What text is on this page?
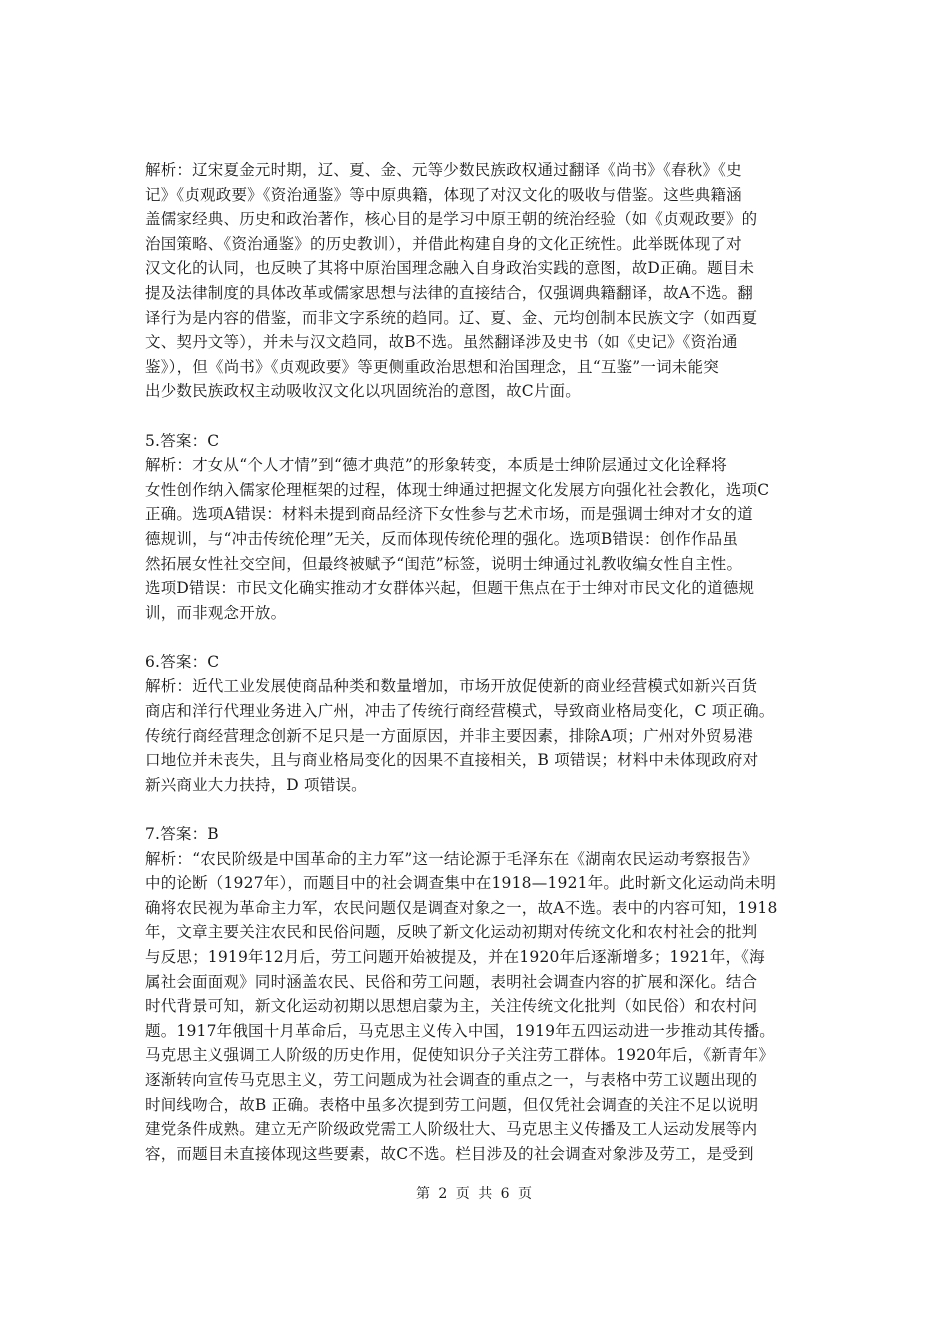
解析：辽宋夏金元时期，辽、夏、金、元等少数民族政权通过翻译《尚书》《春秋》《史
记》《贞观政要》《资治通鉴》等中原典籍，体现了对汉文化的吸收与借鉴。这些典籍涵
盖儒家经典、历史和政治著作，核心目的是学习中原王朝的统治经验（如《贞观政要》的
治国策略、《资治通鉴》的历史教训），并借此构建自身的文化正统性。此举既体现了对
汉文化的认同，也反映了其将中原治国理念融入自身政治实践的意图，故D正确。题目未
提及法律制度的具体改革或儒家思想与法律的直接结合，仅强调典籍翻译，故A不选。翻
译行为是内容的借鉴，而非文字系统的趋同。辽、夏、金、元均创制本民族文字（如西夏
文、契丹文等），并未与汉文趋同，故B不选。虽然翻译涉及史书（如《史记》《资治通
鉴》），但《尚书》《贞观政要》等更侧重政治思想和治国理念，且“互鉴”一词未能突
出少数民族政权主动吸收汉文化以巩固统治的意图，故C片面。
5.答案：C
解析：才女从“个人才情”到“德才典范”的形象转变，本质是士绅阶层通过文化诠释将
女性创作纳入儒家伦理框架的过程，体现士绅通过把握文化发展方向强化社会教化，选项C
正确。选项A错误：材料未提到商品经济下女性参与艺术市场，而是强调士绅对才女的道
德规训，与“冲击传统伦理”无关，反而体现传统伦理的强化。选项B错误：创作作品虽
然拓展女性社交空间，但最终被赋予“闺范”标签，说明士绅通过礼教收编女性自主性。
选项D错误：市民文化确实推动才女群体兴起，但题干焦点在于士绅对市民文化的道德规
训，而非观念开放。
6.答案：C
解析：近代工业发展使商品种类和数量增加，市场开放促使新的商业经营模式如新兴百货
商店和洋行代理业务进入广州，冲击了传统行商经营模式，导致商业格局变化，C 项正确。
传统行商经营理念创新不足只是一方面原因，并非主要因素，排除A项；广州对外贸易港
口地位并未丧失，且与商业格局变化的因果不直接相关，B 项错误；材料中未体现政府对
新兴商业大力扶持，D 项错误。
7.答案：B
解析：“农民阶级是中国革命的主力军”这一结论源于毛泽东在《湖南农民运动考察报告》
中的论断（1927年），而题目中的社会调查集中在1918—1921年。此时新文化运动尚未明
确将农民视为革命主力军，农民问题仅是调查对象之一，故A不选。表中的内容可知，1918
年，文章主要关注农民和民俗问题，反映了新文化运动初期对传统文化和农村社会的批判
与反思；1919年12月后，劳工问题开始被提及，并在1920年后逐渐增多；1921年，《海
属社会面面观》同时涵盖农民、民俗和劳工问题，表明社会调查内容的扩展和深化。结合
时代背景可知，新文化运动初期以思想启蒙为主，关注传统文化批判（如民俗）和农村问
题。1917年俄国十月革命后，马克思主义传入中国，1919年五四运动进一步推动其传播。
马克思主义强调工人阶级的历史作用，促使知识分子关注劳工群体。1920年后，《新青年》
逐渐转向宣传马克思主义，劳工问题成为社会调查的重点之一，与表格中劳工议题出现的
时间线吻合，故B 正确。表格中虽多次提到劳工问题，但仅凭社会调查的关注不足以说明
建党条件成熟。建立无产阶级政党需工人阶级壮大、马克思主义传播及工人运动发展等内
容，而题目未直接体现这些要素，故C不选。栏目涉及的社会调查对象涉及劳工，是受到
第 2 页 共 6 页
